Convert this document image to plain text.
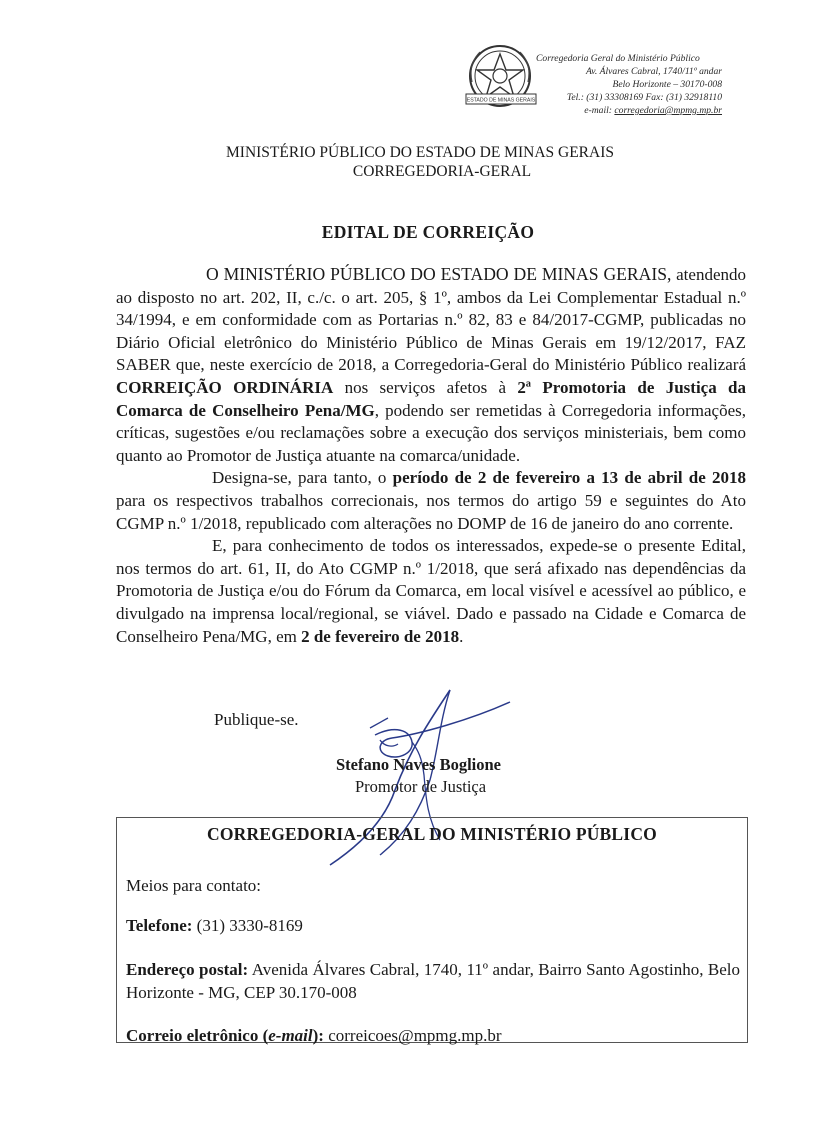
ESTADO DE MINAS GERAIS
Corregedoria Geral do Ministério Público
Av. Álvares Cabral, 1740/11º andar
Belo Horizonte – 30170-008
Tel.: (31) 33308169 Fax: (31) 32918110
e-mail: corregedoria@mpmg.mp.br
MINISTÉRIO PÚBLICO DO ESTADO DE MINAS GERAIS
CORREGEDORIA-GERAL
EDITAL DE CORREIÇÃO

O MINISTÉRIO PÚBLICO DO ESTADO DE MINAS GERAIS, atendendo ao disposto no art. 202, II, c./c. o art. 205, § 1º, ambos da Lei Complementar Estadual n.º 34/1994, e em conformidade com as Portarias n.º 82, 83 e 84/2017-CGMP, publicadas no Diário Oficial eletrônico do Ministério Público de Minas Gerais em 19/12/2017, FAZ SABER que, neste exercício de 2018, a Corregedoria-Geral do Ministério Público realizará CORREIÇÃO ORDINÁRIA nos serviços afetos à 2ª Promotoria de Justiça da Comarca de Conselheiro Pena/MG, podendo ser remetidas à Corregedoria informações, críticas, sugestões e/ou reclamações sobre a execução dos serviços ministeriais, bem como quanto ao Promotor de Justiça atuante na comarca/unidade.

Designa-se, para tanto, o período de 2 de fevereiro a 13 de abril de 2018 para os respectivos trabalhos correcionais, nos termos do artigo 59 e seguintes do Ato CGMP n.º 1/2018, republicado com alterações no DOMP de 16 de janeiro do ano corrente.

E, para conhecimento de todos os interessados, expede-se o presente Edital, nos termos do art. 61, II, do Ato CGMP n.º 1/2018, que será afixado nas dependências da Promotoria de Justiça e/ou do Fórum da Comarca, em local visível e acessível ao público, e divulgado na imprensa local/regional, se viável. Dado e passado na Cidade e Comarca de Conselheiro Pena/MG, em 2 de fevereiro de 2018.

Publique-se.
Stefano Naves Boglione
Promotor de Justiça
CORREGEDORIA-GERAL DO MINISTÉRIO PÚBLICO
Meios para contato:
Telefone: (31) 3330-8169
Endereço postal: Avenida Álvares Cabral, 1740, 11º andar, Bairro Santo Agostinho, Belo Horizonte - MG, CEP 30.170-008
Correio eletrônico (e-mail): correicoes@mpmg.mp.br
